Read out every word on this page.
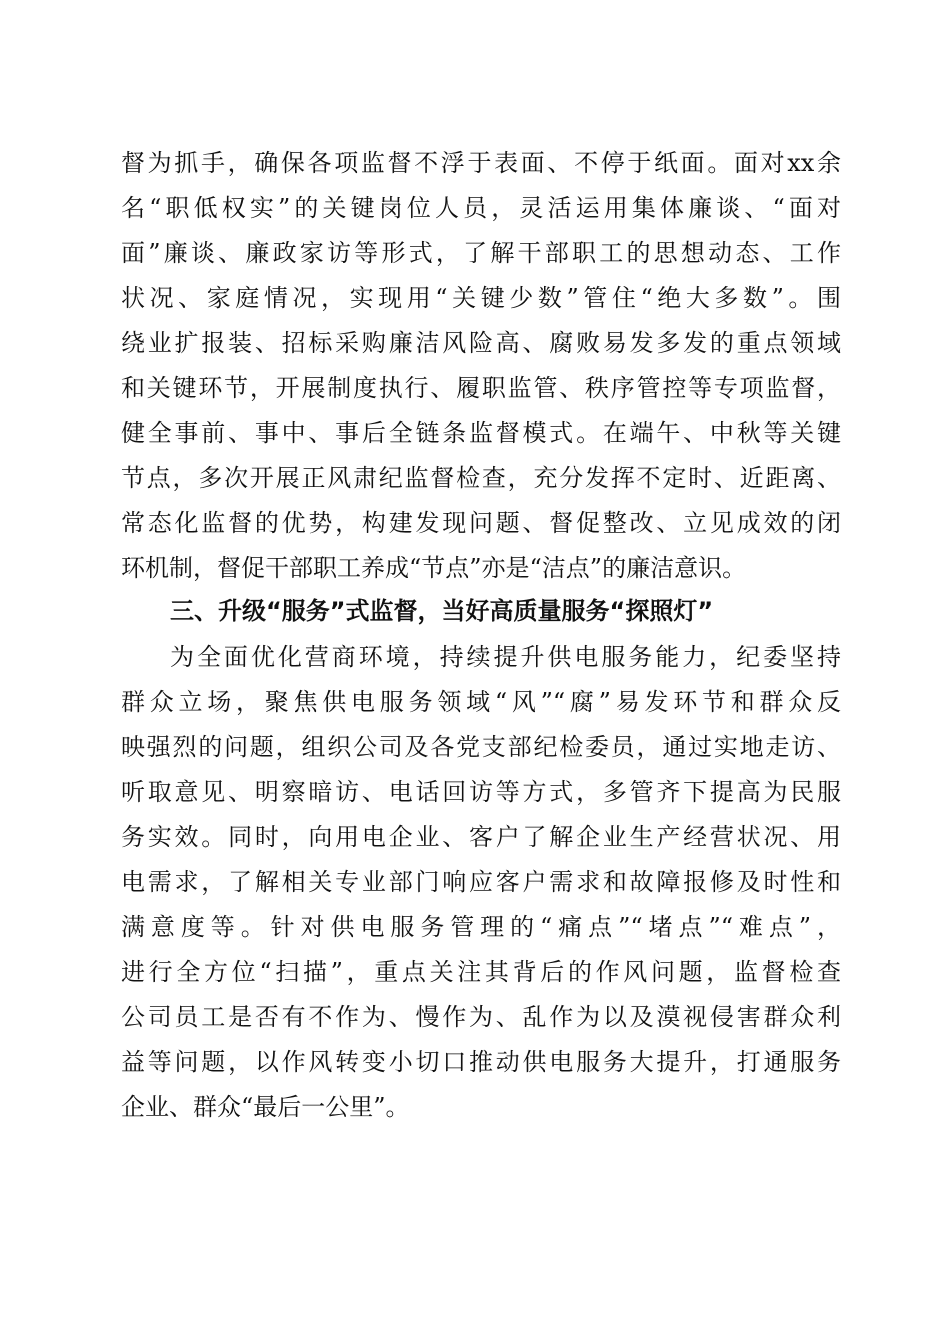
督为抓手，确保各项监督不浮于表面、不停于纸面。面对xx余
名“职低权实”的关键岗位人员，灵活运用集体廉谈、“面对
面”廉谈、廉政家访等形式，了解干部职工的思想动态、工作
状况、家庭情况，实现用“关键少数”管住“绝大多数”。围
绕业扩报装、招标采购廉洁风险高、腐败易发多发的重点领域
和关键环节，开展制度执行、履职监管、秩序管控等专项监督，
健全事前、事中、事后全链条监督模式。在端午、中秋等关键
节点，多次开展正风肃纪监督检查，充分发挥不定时、近距离、
常态化监督的优势，构建发现问题、督促整改、立见成效的闭
环机制，督促干部职工养成“节点”亦是“洁点”的廉洁意识。
三、升级“服务”式监督，当好高质量服务“探照灯”
为全面优化营商环境，持续提升供电服务能力，纪委坚持
群众立场，聚焦供电服务领域“风”“腐”易发环节和群众反
映强烈的问题，组织公司及各党支部纪检委员，通过实地走访、
听取意见、明察暗访、电话回访等方式，多管齐下提高为民服
务实效。同时，向用电企业、客户了解企业生产经营状况、用
电需求，了解相关专业部门响应客户需求和故障报修及时性和
满意度等。针对供电服务管理的“痛点”“堵点”“难点”，
进行全方位“扫描”，重点关注其背后的作风问题，监督检查
公司员工是否有不作为、慢作为、乱作为以及漠视侵害群众利
益等问题，以作风转变小切口推动供电服务大提升，打通服务
企业、群众“最后一公里”。
